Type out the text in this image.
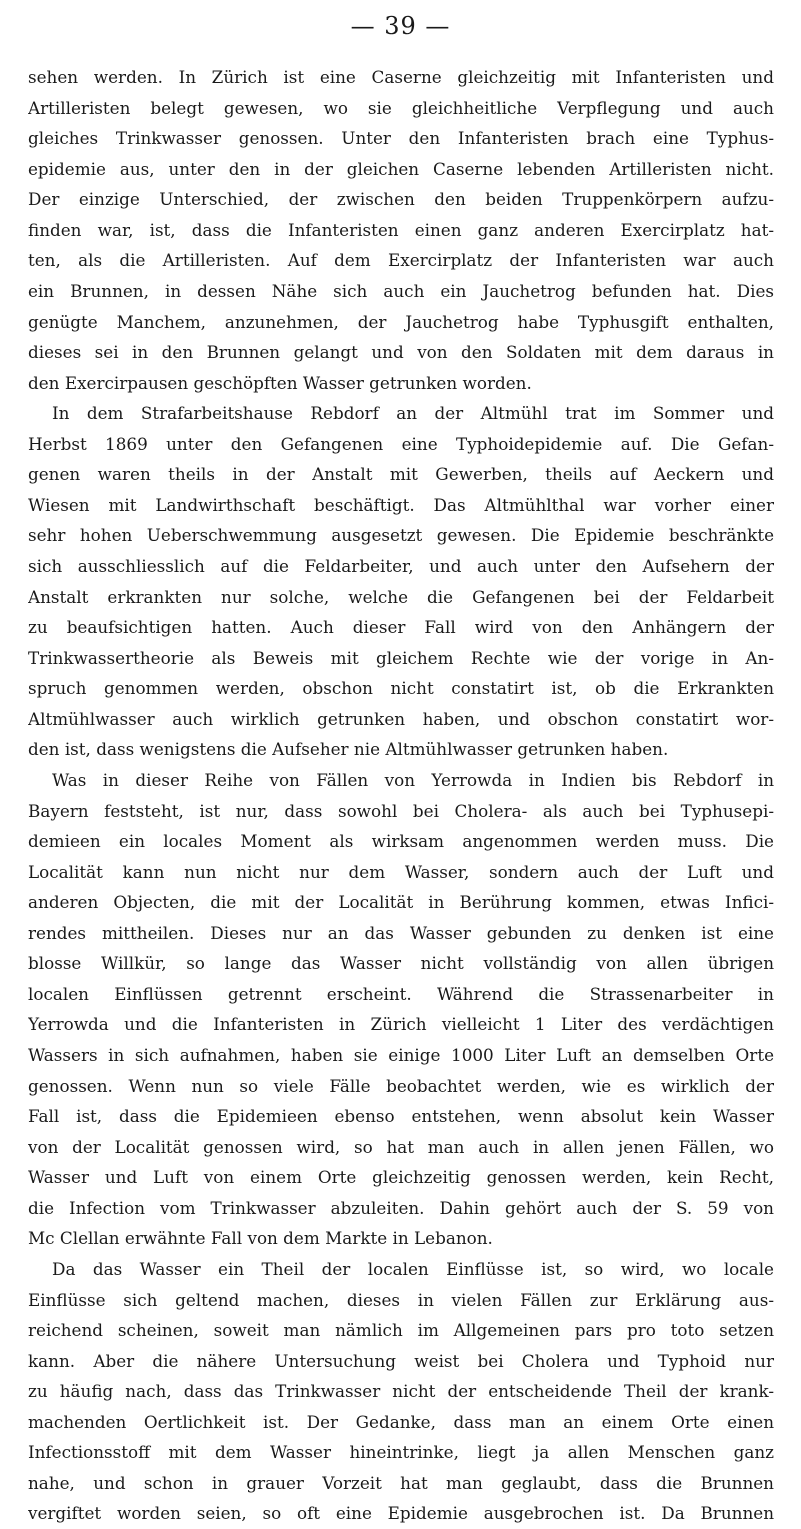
— 39 —
sehen werden. In Zürich ist eine Caserne gleichzeitig mit Infanteristen und
Artilleristen belegt gewesen, wo sie gleichheitliche Verpflegung und auch
gleiches Trinkwasser genossen. Unter den Infanteristen brach eine Typhus-
epidemie aus, unter den in der gleichen Caserne lebenden Artilleristen nicht.
Der einzige Unterschied, der zwischen den beiden Truppenkörpern aufzu-
finden war, ist, dass die Infanteristen einen ganz anderen Exercirplatz hat-
ten, als die Artilleristen. Auf dem Exercirplatz der Infanteristen war auch
ein Brunnen, in dessen Nähe sich auch ein Jauchetrog befunden hat. Dies
genügte Manchem, anzunehmen, der Jauchetrog habe Typhusgift enthalten,
dieses sei in den Brunnen gelangt und von den Soldaten mit dem daraus in
den Exercirpausen geschöpften Wasser getrunken worden.
In dem Strafarbeitshause Rebdorf an der Altmühl trat im Sommer und
Herbst 1869 unter den Gefangenen eine Typhoidepidemie auf. Die Gefan-
genen waren theils in der Anstalt mit Gewerben, theils auf Aeckern und
Wiesen mit Landwirthschaft beschäftigt. Das Altmühlthal war vorher einer
sehr hohen Ueberschwemmung ausgesetzt gewesen. Die Epidemie beschränkte
sich ausschliesslich auf die Feldarbeiter, und auch unter den Aufsehern der
Anstalt erkrankten nur solche, welche die Gefangenen bei der Feldarbeit
zu beaufsichtigen hatten. Auch dieser Fall wird von den Anhängern der
Trinkwassertheorie als Beweis mit gleichem Rechte wie der vorige in An-
spruch genommen werden, obschon nicht constatirt ist, ob die Erkrankten
Altmühlwasser auch wirklich getrunken haben, und obschon constatirt wor-
den ist, dass wenigstens die Aufseher nie Altmühlwasser getrunken haben.
Was in dieser Reihe von Fällen von Yerrowda in Indien bis Rebdorf in
Bayern feststeht, ist nur, dass sowohl bei Cholera- als auch bei Typhusepi-
demieen ein locales Moment als wirksam angenommen werden muss. Die
Localität kann nun nicht nur dem Wasser, sondern auch der Luft und
anderen Objecten, die mit der Localität in Berührung kommen, etwas Infici-
rendes mittheilen. Dieses nur an das Wasser gebunden zu denken ist eine
blosse Willkür, so lange das Wasser nicht vollständig von allen übrigen
localen Einflüssen getrennt erscheint. Während die Strassenarbeiter in
Yerrowda und die Infanteristen in Zürich vielleicht 1 Liter des verdächtigen
Wassers in sich aufnahmen, haben sie einige 1000 Liter Luft an demselben Orte
genossen. Wenn nun so viele Fälle beobachtet werden, wie es wirklich der
Fall ist, dass die Epidemieen ebenso entstehen, wenn absolut kein Wasser
von der Localität genossen wird, so hat man auch in allen jenen Fällen, wo
Wasser und Luft von einem Orte gleichzeitig genossen werden, kein Recht,
die Infection vom Trinkwasser abzuleiten. Dahin gehört auch der S. 59 von
Mc Clellan erwähnte Fall von dem Markte in Lebanon.
Da das Wasser ein Theil der localen Einflüsse ist, so wird, wo locale
Einflüsse sich geltend machen, dieses in vielen Fällen zur Erklärung aus-
reichend scheinen, soweit man nämlich im Allgemeinen pars pro toto setzen
kann. Aber die nähere Untersuchung weist bei Cholera und Typhoid nur
zu häufig nach, dass das Trinkwasser nicht der entscheidende Theil der krank-
machenden Oertlichkeit ist. Der Gedanke, dass man an einem Orte einen
Infectionsstoff mit dem Wasser hineintrinke, liegt ja allen Menschen ganz
nahe, und schon in grauer Vorzeit hat man geglaubt, dass die Brunnen
vergiftet worden seien, so oft eine Epidemie ausgebrochen ist. Da Brunnen
